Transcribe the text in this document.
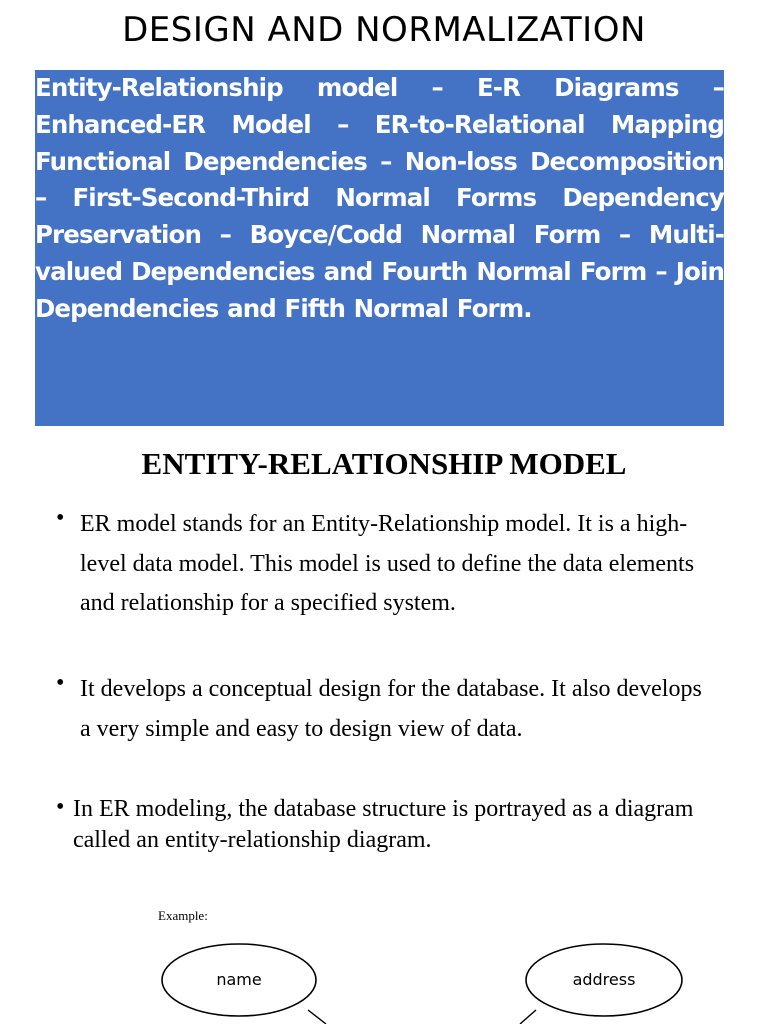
DESIGN AND NORMALIZATION

Entity-Relationship model – E-R Diagrams – Enhanced-ER Model – ER-to-Relational Mapping Functional Dependencies – Non-loss Decomposition – First-Second-Third Normal Forms Dependency Preservation – Boyce/Codd Normal Form – Multi-valued Dependencies and Fourth Normal Form – Join Dependencies and Fifth Normal Form.

ENTITY-RELATIONSHIP MODEL
• ER model stands for an Entity-Relationship model. It is a high-level data model. This model is used to define the data elements and relationship for a specified system.
• It develops a conceptual design for the database. It also develops a very simple and easy to design view of data.
• In ER modeling, the database structure is portrayed as a diagram called an entity-relationship diagram.
Example:
name	address
